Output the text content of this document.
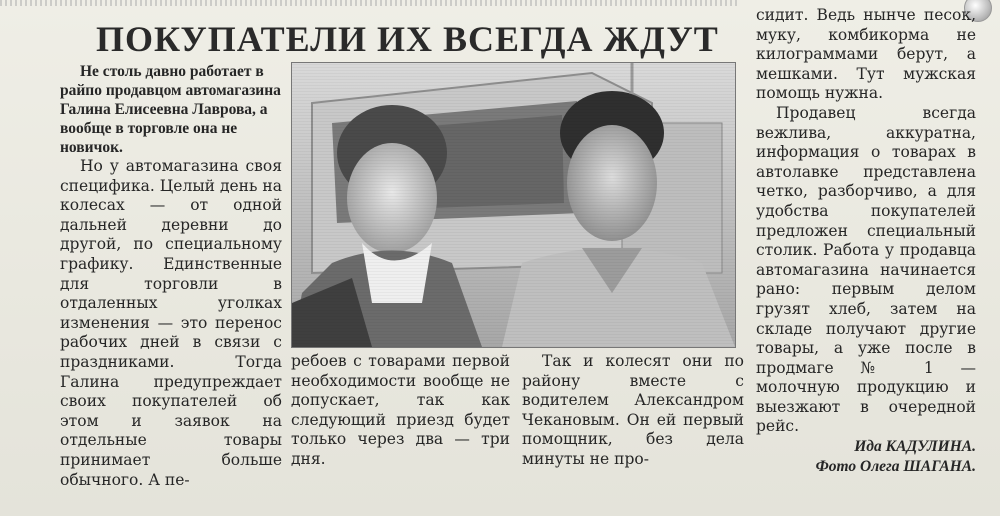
ПОКУПАТЕЛИ ИХ ВСЕГДА ЖДУТ

Не столь давно работает в райпо продавцом автомагазина Галина Елисеевна Лаврова, а вообще в торговле она не новичок.

Но у автомагазина своя специфика. Целый день на колесах — от одной дальней деревни до другой, по специальному графику. Единственные для торговли в отдаленных уголках изменения — это перенос рабочих дней в связи с праздниками. Тогда Галина предупреждает своих покупателей об этом и заявок на отдельные товары принимает больше обычного. А пе-

ребоев с товарами первой необходимости вообще не допускает, так как следующий приезд будет только через два — три дня.

Так и колесят они по району вместе с водителем Александром Чекановым. Он ей первый помощник, без дела минуты не про-

сидит. Ведь нынче песок, муку, комбикорма не килограммами берут, а мешками. Тут мужская помощь нужна.

Продавец всегда вежлива, аккуратна, информация о товарах в автолавке представлена четко, разборчиво, а для удобства покупателей предложен специальный столик. Работа у продавца автомагазина начинается рано: первым делом грузят хлеб, затем на складе получают другие товары, а уже после в продмаге № 1 — молочную продукцию и выезжают в очередной рейс.

Ида КАДУЛИНА.

Фото Олега ШАГАНА.
